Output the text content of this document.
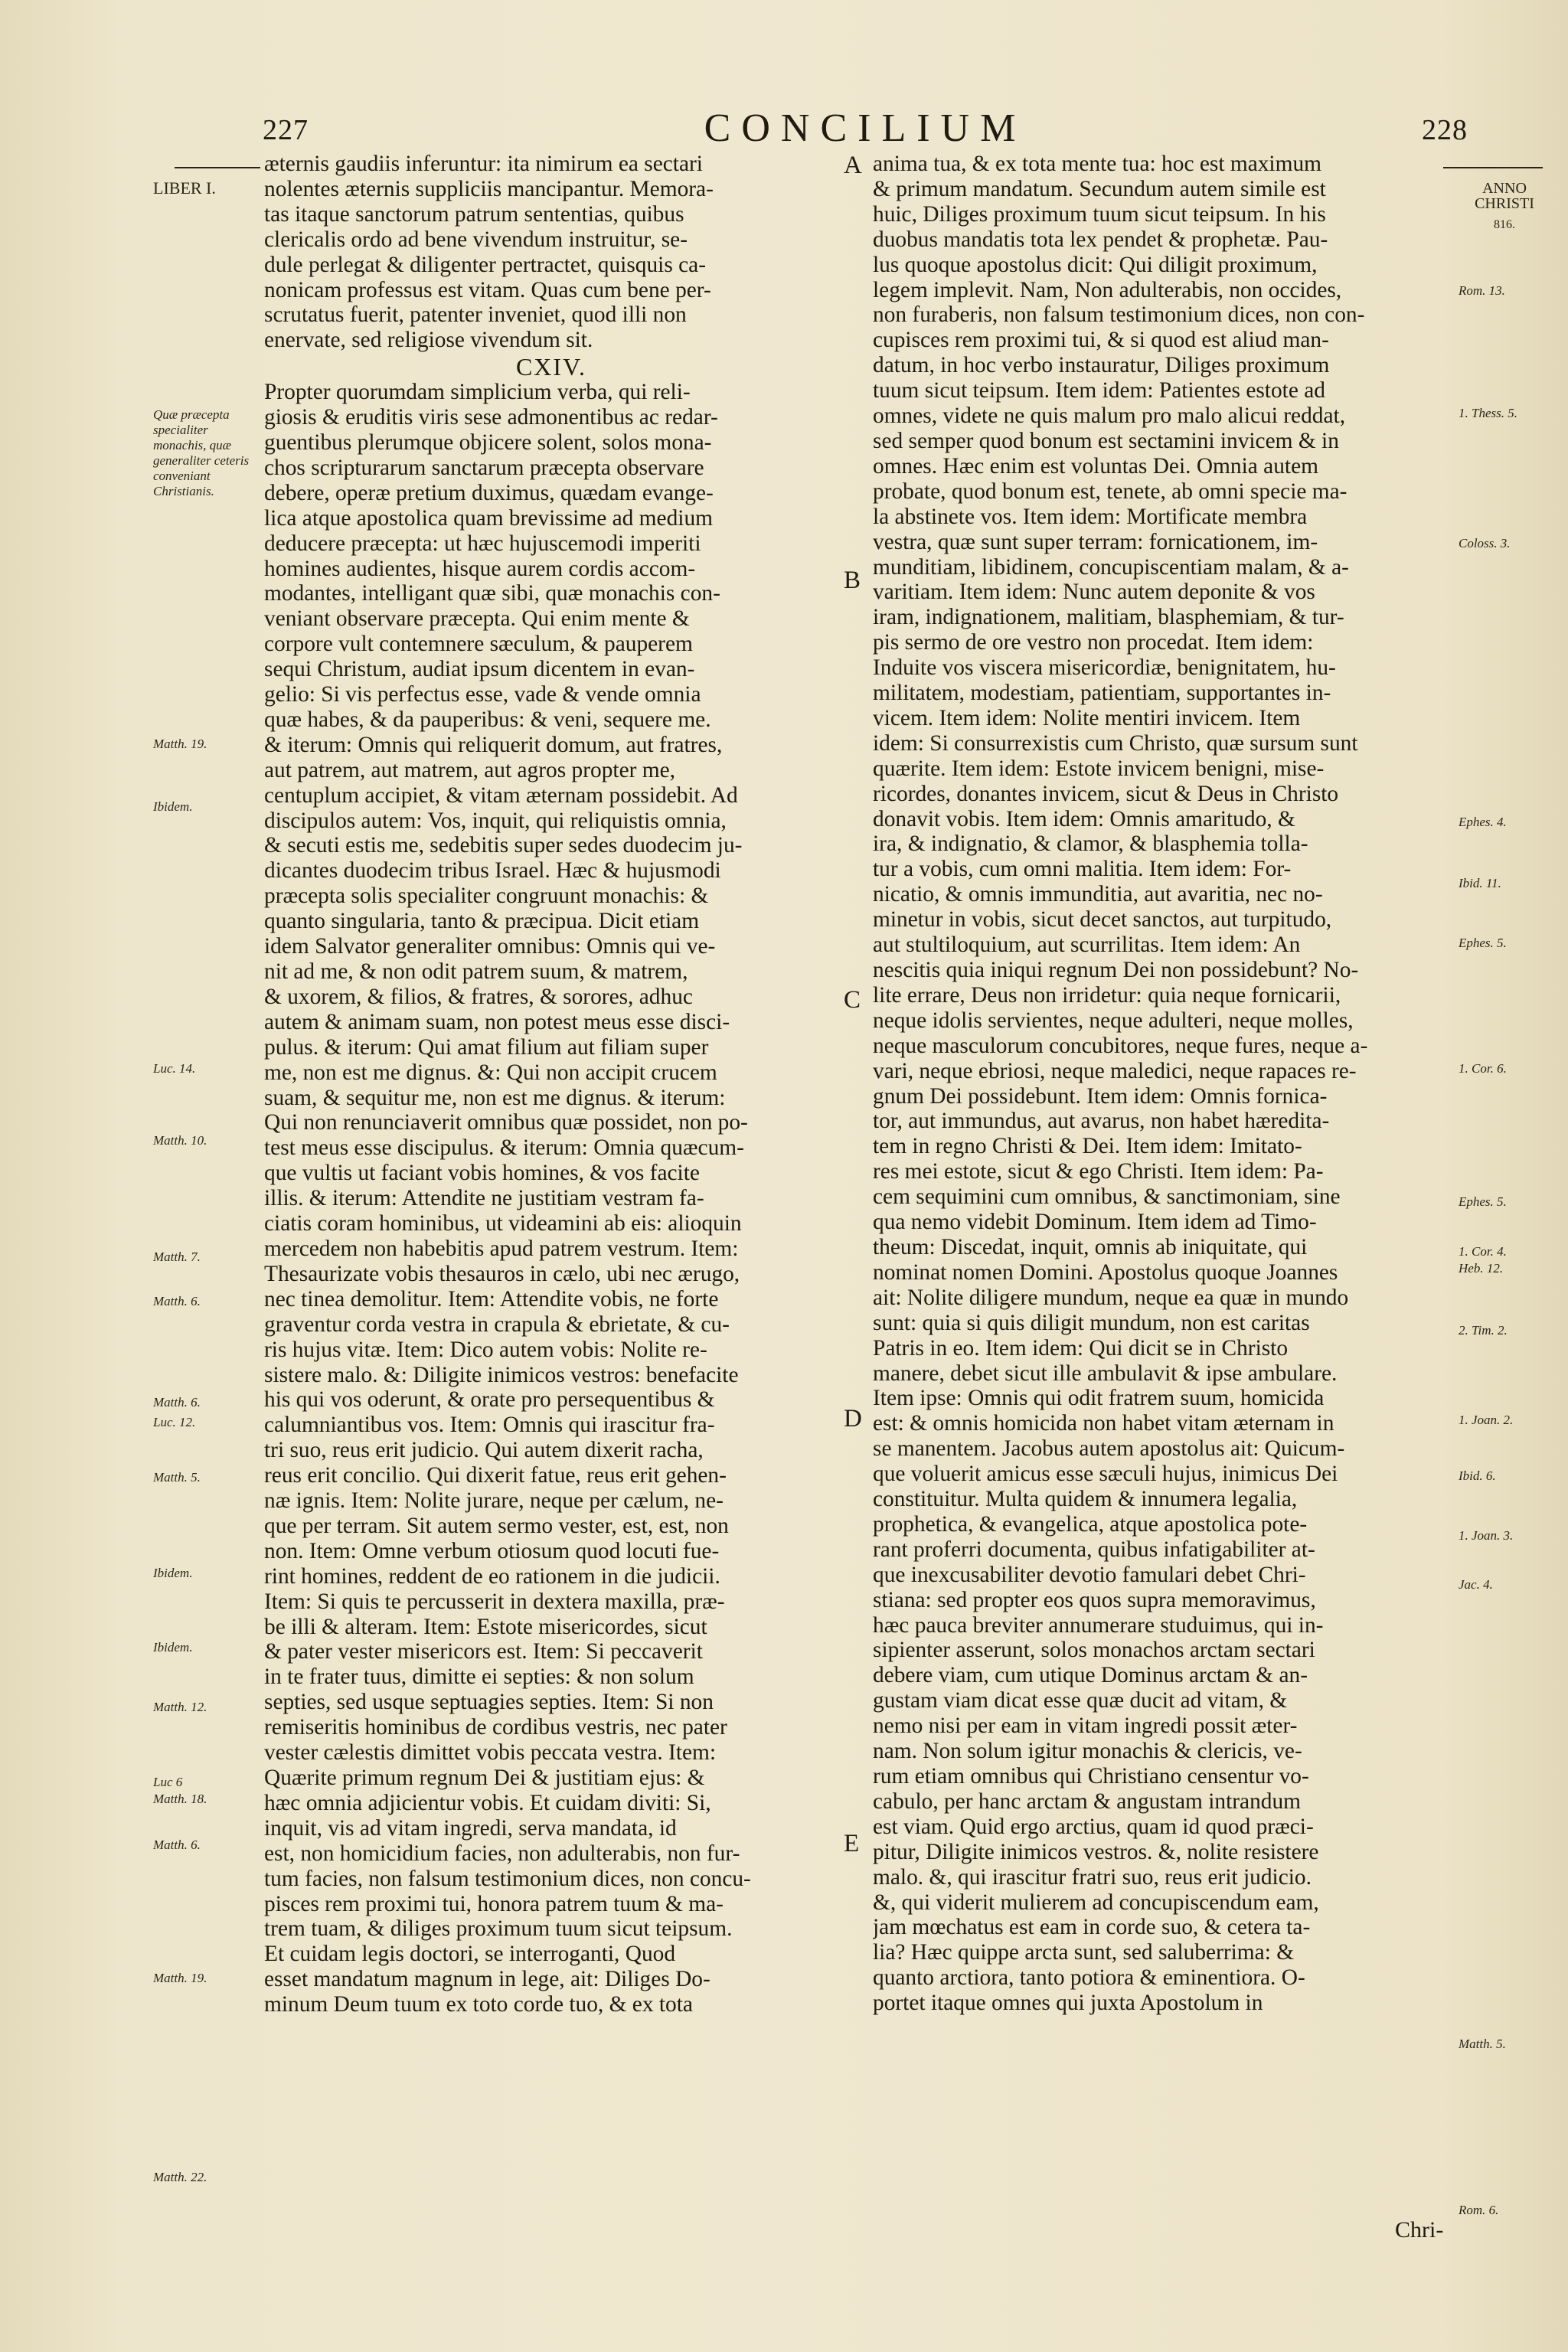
227	CONCILIUM	228
LIBER I.
Quæ præcepta specialiter monachis, quæ generaliter ceteris conveniant Christianis.
Matth. 19.
Ibidem.
Luc. 14.
Matth. 10.
Matth. 7.
Matth. 6.
Matth. 6.
Luc. 12.
Matth. 5.
Ibidem.
Ibidem.
Matth. 12.
Luc 6
Matth. 18.
Matth. 6.
Matth. 19.
Matth. 22.
ANNO CHRISTI
816.
Rom. 13.
1. Thess. 5.
Coloss. 3.
Ephes. 4.
Ibid. 11.
Ephes. 5.
1. Cor. 6.
Ephes. 5.
1. Cor. 4.
Heb. 12.
2. Tim. 2.
1. Joan. 2.
Ibid. 6.
1. Joan. 3.
Jac. 4.
Matth. 5.
Rom. 6.
A
B
C
D
E
æternis gaudiis inferuntur: ita nimirum ea sectari
nolentes æternis suppliciis mancipantur. Memora-
tas itaque sanctorum patrum sententias, quibus
clericalis ordo ad bene vivendum instruitur, se-
dule perlegat & diligenter pertractet, quisquis ca-
nonicam professus est vitam. Quas cum bene per-
scrutatus fuerit, patenter inveniet, quod illi non
enervate, sed religiose vivendum sit.
CXIV.
Propter quorumdam simplicium verba, qui reli-
giosis & eruditis viris sese admonentibus ac redar-
guentibus plerumque objicere solent, solos mona-
chos scripturarum sanctarum præcepta observare
debere, operæ pretium duximus, quædam evange-
lica atque apostolica quam brevissime ad medium
deducere præcepta: ut hæc hujuscemodi imperiti
homines audientes, hisque aurem cordis accom-
modantes, intelligant quæ sibi, quæ monachis con-
veniant observare præcepta. Qui enim mente &
corpore vult contemnere sæculum, & pauperem
sequi Christum, audiat ipsum dicentem in evan-
gelio: Si vis perfectus esse, vade & vende omnia
quæ habes, & da pauperibus: & veni, sequere me.
& iterum: Omnis qui reliquerit domum, aut fratres,
aut patrem, aut matrem, aut agros propter me,
centuplum accipiet, & vitam æternam possidebit. Ad
discipulos autem: Vos, inquit, qui reliquistis omnia,
& secuti estis me, sedebitis super sedes duodecim ju-
dicantes duodecim tribus Israel. Hæc & hujusmodi
præcepta solis specialiter congruunt monachis: &
quanto singularia, tanto & præcipua. Dicit etiam
idem Salvator generaliter omnibus: Omnis qui ve-
nit ad me, & non odit patrem suum, & matrem,
& uxorem, & filios, & fratres, & sorores, adhuc
autem & animam suam, non potest meus esse disci-
pulus. & iterum: Qui amat filium aut filiam super
me, non est me dignus. &: Qui non accipit crucem
suam, & sequitur me, non est me dignus. & iterum:
Qui non renunciaverit omnibus quæ possidet, non po-
test meus esse discipulus. & iterum: Omnia quæcum-
que vultis ut faciant vobis homines, & vos facite
illis. & iterum: Attendite ne justitiam vestram fa-
ciatis coram hominibus, ut videamini ab eis: alioquin
mercedem non habebitis apud patrem vestrum. Item:
Thesaurizate vobis thesauros in cælo, ubi nec ærugo,
nec tinea demolitur. Item: Attendite vobis, ne forte
graventur corda vestra in crapula & ebrietate, & cu-
ris hujus vitæ. Item: Dico autem vobis: Nolite re-
sistere malo. &: Diligite inimicos vestros: benefacite
his qui vos oderunt, & orate pro persequentibus &
calumniantibus vos. Item: Omnis qui irascitur fra-
tri suo, reus erit judicio. Qui autem dixerit racha,
reus erit concilio. Qui dixerit fatue, reus erit gehen-
næ ignis. Item: Nolite jurare, neque per cælum, ne-
que per terram. Sit autem sermo vester, est, est, non
non. Item: Omne verbum otiosum quod locuti fue-
rint homines, reddent de eo rationem in die judicii.
Item: Si quis te percusserit in dextera maxilla, præ-
be illi & alteram. Item: Estote misericordes, sicut
& pater vester misericors est. Item: Si peccaverit
in te frater tuus, dimitte ei septies: & non solum
septies, sed usque septuagies septies. Item: Si non
remiseritis hominibus de cordibus vestris, nec pater
vester cælestis dimittet vobis peccata vestra. Item:
Quærite primum regnum Dei & justitiam ejus: &
hæc omnia adjicientur vobis. Et cuidam diviti: Si,
inquit, vis ad vitam ingredi, serva mandata, id
est, non homicidium facies, non adulterabis, non fur-
tum facies, non falsum testimonium dices, non concu-
pisces rem proximi tui, honora patrem tuum & ma-
trem tuam, & diliges proximum tuum sicut teipsum.
Et cuidam legis doctori, se interroganti, Quod
esset mandatum magnum in lege, ait: Diliges Do-
minum Deum tuum ex toto corde tuo, & ex tota
anima tua, & ex tota mente tua: hoc est maximum
& primum mandatum. Secundum autem simile est
huic, Diliges proximum tuum sicut teipsum. In his
duobus mandatis tota lex pendet & prophetæ. Pau-
lus quoque apostolus dicit: Qui diligit proximum,
legem implevit. Nam, Non adulterabis, non occides,
non furaberis, non falsum testimonium dices, non con-
cupisces rem proximi tui, & si quod est aliud man-
datum, in hoc verbo instauratur, Diliges proximum
tuum sicut teipsum. Item idem: Patientes estote ad
omnes, videte ne quis malum pro malo alicui reddat,
sed semper quod bonum est sectamini invicem & in
omnes. Hæc enim est voluntas Dei. Omnia autem
probate, quod bonum est, tenete, ab omni specie ma-
la abstinete vos. Item idem: Mortificate membra
vestra, quæ sunt super terram: fornicationem, im-
munditiam, libidinem, concupiscentiam malam, & a-
varitiam. Item idem: Nunc autem deponite & vos
iram, indignationem, malitiam, blasphemiam, & tur-
pis sermo de ore vestro non procedat. Item idem:
Induite vos viscera misericordiæ, benignitatem, hu-
militatem, modestiam, patientiam, supportantes in-
vicem. Item idem: Nolite mentiri invicem. Item
idem: Si consurrexistis cum Christo, quæ sursum sunt
quærite. Item idem: Estote invicem benigni, mise-
ricordes, donantes invicem, sicut & Deus in Christo
donavit vobis. Item idem: Omnis amaritudo, &
ira, & indignatio, & clamor, & blasphemia tolla-
tur a vobis, cum omni malitia. Item idem: For-
nicatio, & omnis immunditia, aut avaritia, nec no-
minetur in vobis, sicut decet sanctos, aut turpitudo,
aut stultiloquium, aut scurrilitas. Item idem: An
nescitis quia iniqui regnum Dei non possidebunt? No-
lite errare, Deus non irridetur: quia neque fornicarii,
neque idolis servientes, neque adulteri, neque molles,
neque masculorum concubitores, neque fures, neque a-
vari, neque ebriosi, neque maledici, neque rapaces re-
gnum Dei possidebunt. Item idem: Omnis fornica-
tor, aut immundus, aut avarus, non habet hæredita-
tem in regno Christi & Dei. Item idem: Imitato-
res mei estote, sicut & ego Christi. Item idem: Pa-
cem sequimini cum omnibus, & sanctimoniam, sine
qua nemo videbit Dominum. Item idem ad Timo-
theum: Discedat, inquit, omnis ab iniquitate, qui
nominat nomen Domini. Apostolus quoque Joannes
ait: Nolite diligere mundum, neque ea quæ in mundo
sunt: quia si quis diligit mundum, non est caritas
Patris in eo. Item idem: Qui dicit se in Christo
manere, debet sicut ille ambulavit & ipse ambulare.
Item ipse: Omnis qui odit fratrem suum, homicida
est: & omnis homicida non habet vitam æternam in
se manentem. Jacobus autem apostolus ait: Quicum-
que voluerit amicus esse sæculi hujus, inimicus Dei
constituitur. Multa quidem & innumera legalia,
prophetica, & evangelica, atque apostolica pote-
rant proferri documenta, quibus infatigabiliter at-
que inexcusabiliter devotio famulari debet Chri-
stiana: sed propter eos quos supra memoravimus,
hæc pauca breviter annumerare studuimus, qui in-
sipienter asserunt, solos monachos arctam sectari
debere viam, cum utique Dominus arctam & an-
gustam viam dicat esse quæ ducit ad vitam, &
nemo nisi per eam in vitam ingredi possit æter-
nam. Non solum igitur monachis & clericis, ve-
rum etiam omnibus qui Christiano censentur vo-
cabulo, per hanc arctam & angustam intrandum
est viam. Quid ergo arctius, quam id quod præci-
pitur, Diligite inimicos vestros. &, nolite resistere
malo. &, qui irascitur fratri suo, reus erit judicio.
&, qui viderit mulierem ad concupiscendum eam,
jam mœchatus est eam in corde suo, & cetera ta-
lia? Hæc quippe arcta sunt, sed saluberrima: &
quanto arctiora, tanto potiora & eminentiora. O-
portet itaque omnes qui juxta Apostolum in
Chri-
